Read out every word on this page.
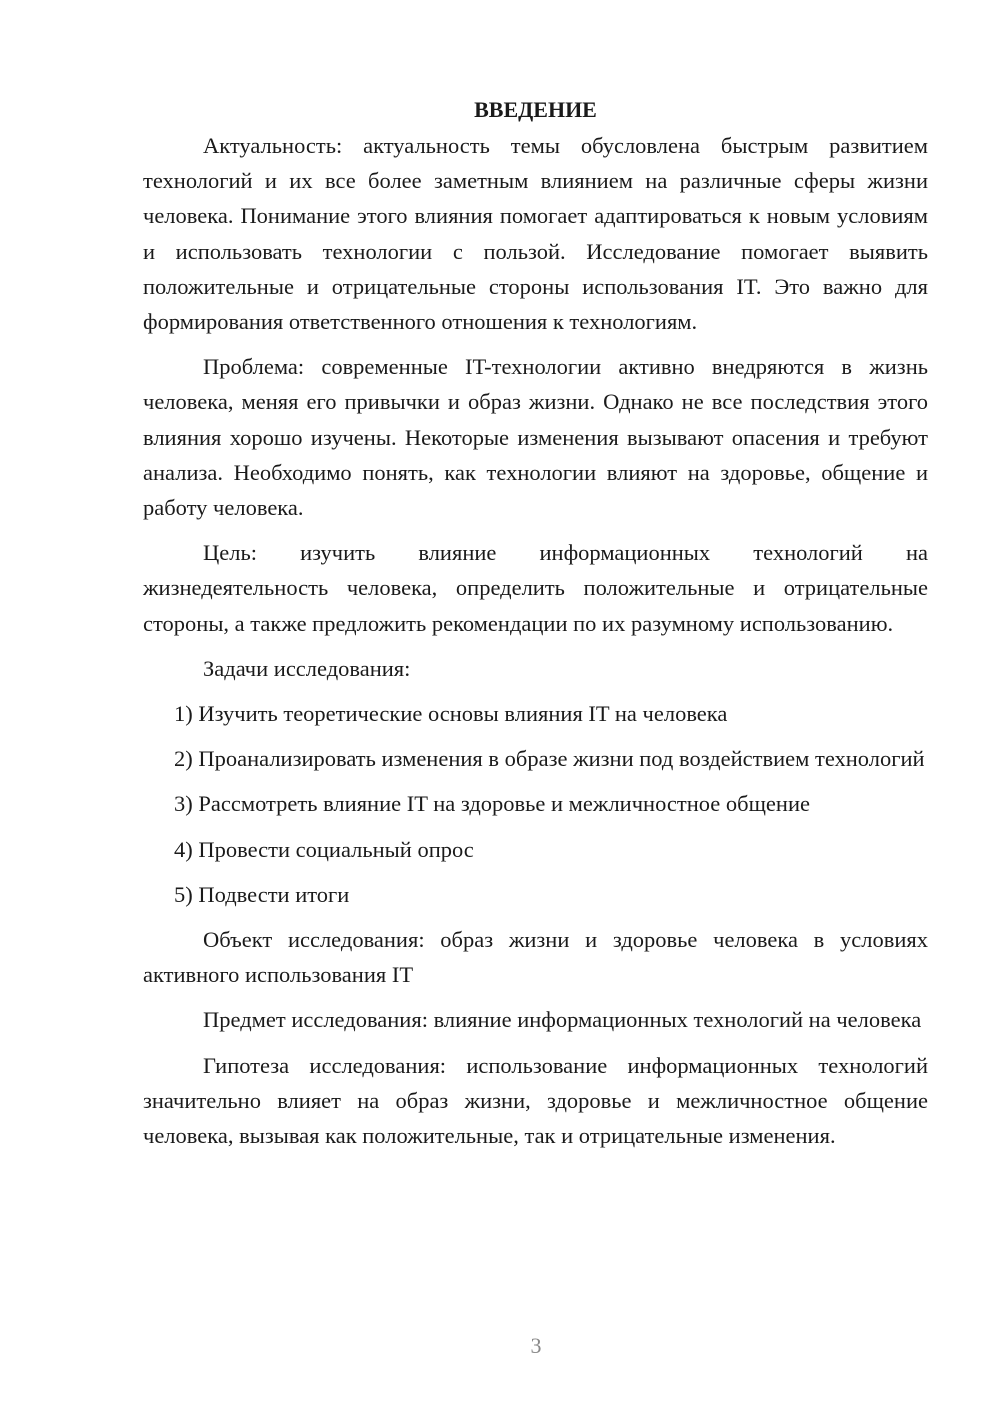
ВВЕДЕНИЕ

Актуальность: актуальность темы обусловлена быстрым развитием технологий и их все более заметным влиянием на различные сферы жизни человека. Понимание этого влияния помогает адаптироваться к новым условиям и использовать технологии с пользой. Исследование помогает выявить положительные и отрицательные стороны использования IT. Это важно для формирования ответственного отношения к технологиям.

Проблема: современные IT-технологии активно внедряются в жизнь человека, меняя его привычки и образ жизни. Однако не все последствия этого влияния хорошо изучены. Некоторые изменения вызывают опасения и требуют анализа. Необходимо понять, как технологии влияют на здоровье, общение и работу человека.

Цель: изучить влияние информационных технологий на жизнедеятельность человека, определить положительные и отрицательные стороны, а также предложить рекомендации по их разумному использованию.

Задачи исследования:

1) Изучить теоретические основы влияния IT на человека

2) Проанализировать изменения в образе жизни под воздействием технологий

3) Рассмотреть влияние IT на здоровье и межличностное общение

4) Провести социальный опрос

5) Подвести итоги

Объект исследования: образ жизни и здоровье человека в условиях активного использования IT

Предмет исследования: влияние информационных технологий на человека

Гипотеза исследования: использование информационных технологий значительно влияет на образ жизни, здоровье и межличностное общение человека, вызывая как положительные, так и отрицательные изменения.

3
